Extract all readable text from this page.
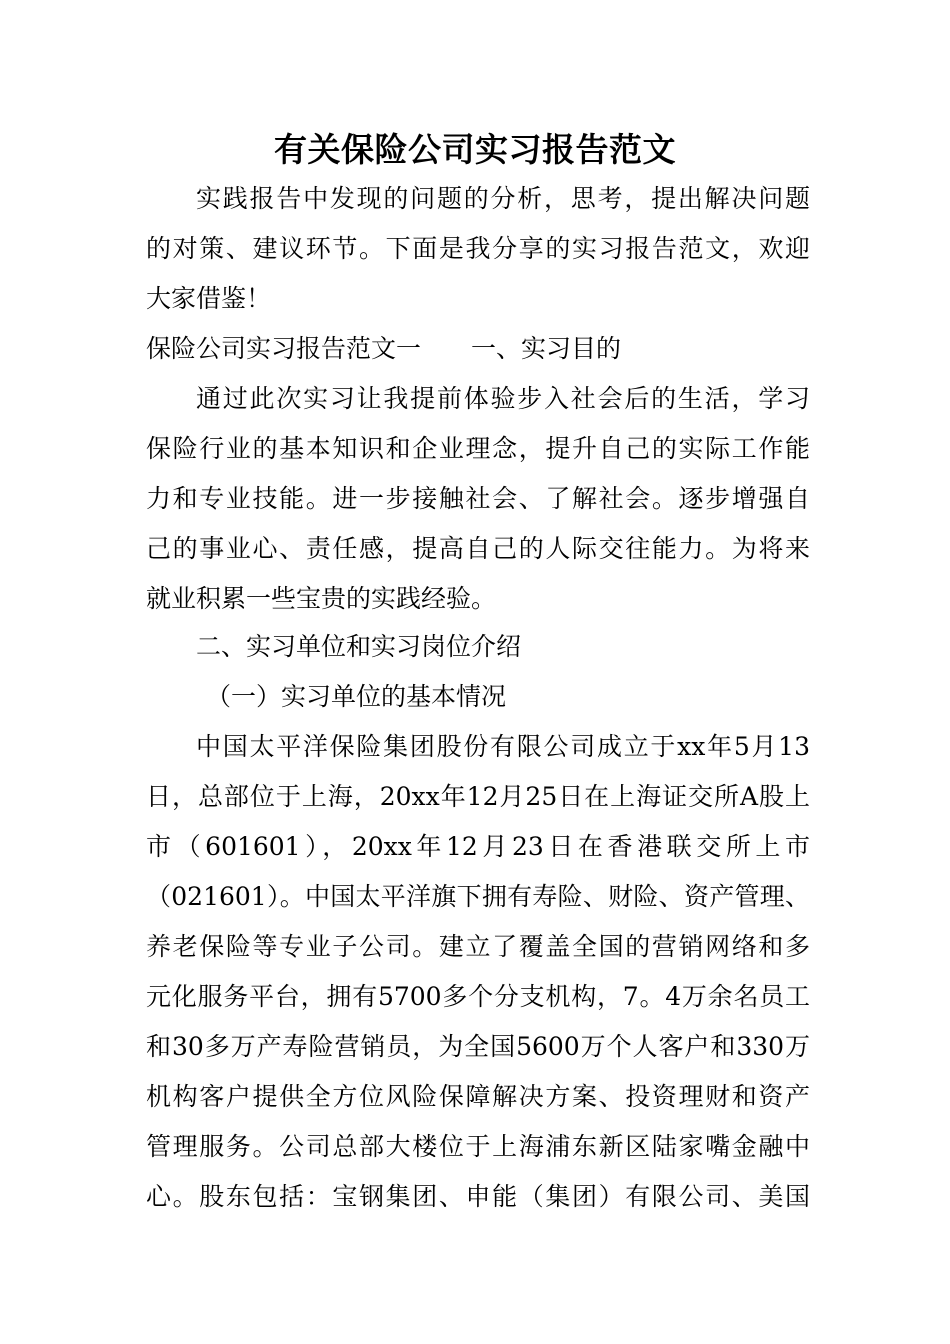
有关保险公司实习报告范文
实践报告中发现的问题的分析，思考，提出解决问题
的对策、建议环节。下面是我分享的实习报告范文，欢迎
大家借鉴！
保险公司实习报告范文一　　一、实习目的
通过此次实习让我提前体验步入社会后的生活，学习
保险行业的基本知识和企业理念，提升自己的实际工作能
力和专业技能。进一步接触社会、了解社会。逐步增强自
己的事业心、责任感，提高自己的人际交往能力。为将来
就业积累一些宝贵的实践经验。
二、实习单位和实习岗位介绍
（一）实习单位的基本情况
中国太平洋保险集团股份有限公司成立于xx年5月13
日，总部位于上海，20xx年12月25日在上海证交所A股上
市（601601），20xx年12月23日在香港联交所上市
（021601）。中国太平洋旗下拥有寿险、财险、资产管理、
养老保险等专业子公司。建立了覆盖全国的营销网络和多
元化服务平台，拥有5700多个分支机构，7。4万余名员工
和30多万产寿险营销员，为全国5600万个人客户和330万
机构客户提供全方位风险保障解决方案、投资理财和资产
管理服务。公司总部大楼位于上海浦东新区陆家嘴金融中
心。股东包括：宝钢集团、申能（集团）有限公司、美国
